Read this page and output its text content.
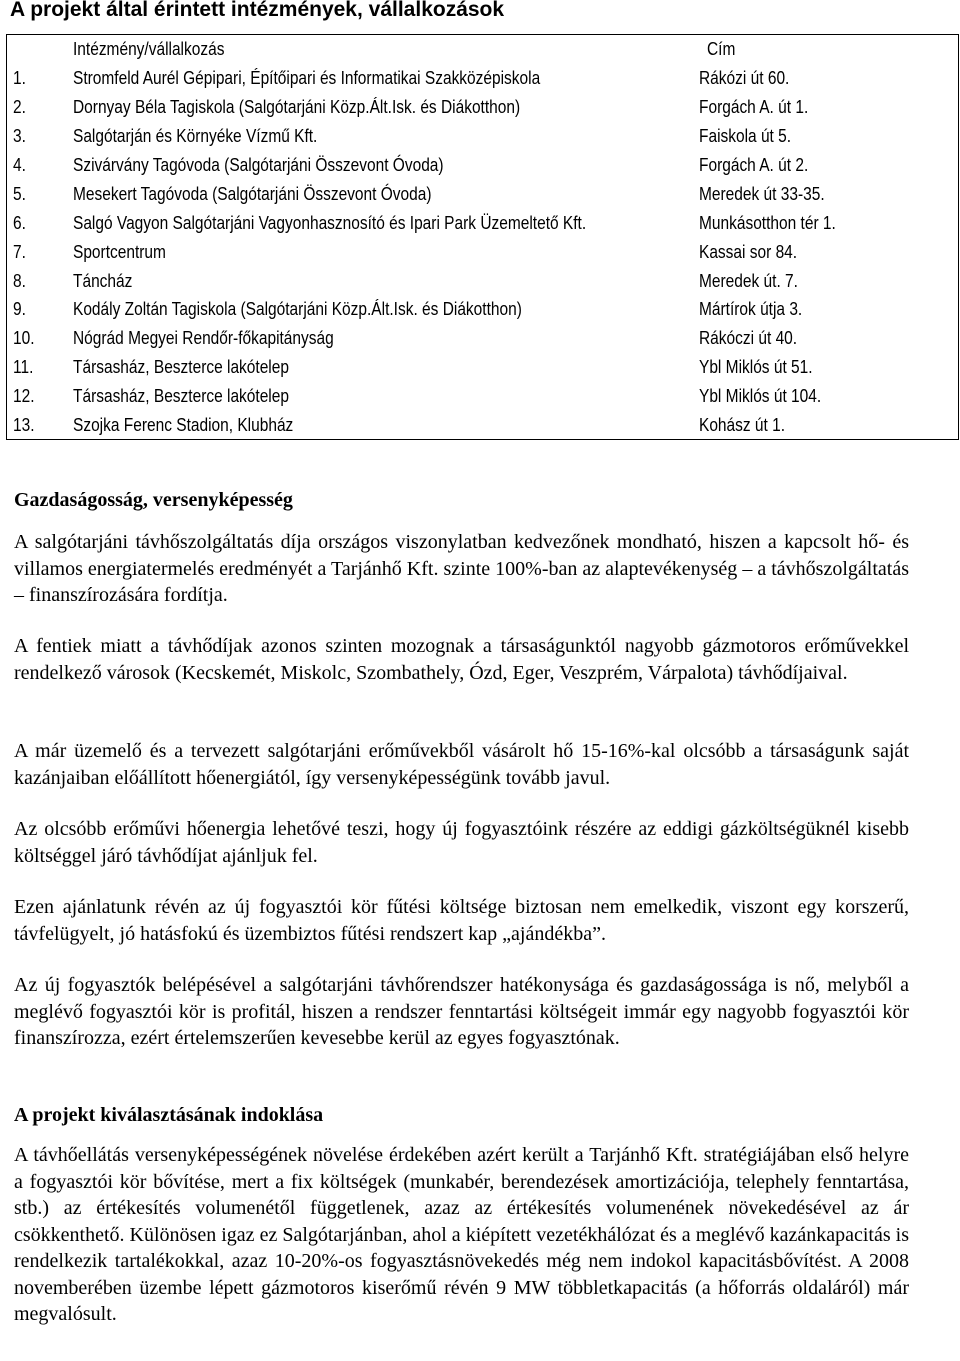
A projekt által érintett intézmények, vállalkozások
	Intézmény/vállalkozás	Cím
1.	Stromfeld Aurél Gépipari, Építőipari és Informatikai Szakközépiskola	Rákózi út 60.
2.	Dornyay Béla Tagiskola (Salgótarjáni Közp.Ált.Isk. és Diákotthon)	Forgách A. út 1.
3.	Salgótarján és Környéke Vízmű Kft.	Faiskola út 5.
4.	Szivárvány Tagóvoda (Salgótarjáni Összevont Óvoda)	Forgách A. út 2.
5.	Mesekert Tagóvoda (Salgótarjáni Összevont Óvoda)	Meredek út 33-35.
6.	Salgó Vagyon Salgótarjáni Vagyonhasznosító és Ipari Park Üzemeltető Kft.	Munkásotthon tér 1.
7.	Sportcentrum	Kassai sor 84.
8.	Táncház	Meredek út. 7.
9.	Kodály Zoltán Tagiskola (Salgótarjáni Közp.Ált.Isk. és Diákotthon)	Mártírok útja 3.
10.	Nógrád Megyei Rendőr-főkapitányság	Rákóczi út 40.
11.	Társasház, Beszterce lakótelep	Ybl Miklós út 51.
12.	Társasház, Beszterce lakótelep	Ybl Miklós út 104.
13.	Szojka Ferenc Stadion, Klubház	Kohász út 1.
Gazdaságosság, versenyképesség
A salgótarjáni távhőszolgáltatás díja országos viszonylatban kedvezőnek mondható, hiszen a kapcsolt hő- és villamos energiatermelés eredményét a Tarjánhő Kft. szinte 100%-ban az alaptevékenység – a távhőszolgáltatás – finanszírozására fordítja.
A fentiek miatt a távhődíjak azonos szinten mozognak a társaságunktól nagyobb gázmotoros erőművekkel rendelkező városok (Kecskemét, Miskolc, Szombathely, Ózd, Eger, Veszprém, Várpalota) távhődíjaival.
A már üzemelő és a tervezett salgótarjáni erőművekből vásárolt hő 15-16%-kal olcsóbb a társaságunk saját kazánjaiban előállított hőenergiától, így versenyképességünk tovább javul.
Az olcsóbb erőművi hőenergia lehetővé teszi, hogy új fogyasztóink részére az eddigi gázköltségüknél kisebb költséggel járó távhődíjat ajánljuk fel.
Ezen ajánlatunk révén az új fogyasztói kör fűtési költsége biztosan nem emelkedik, viszont egy korszerű, távfelügyelt, jó hatásfokú és üzembiztos fűtési rendszert kap „ajándékba”.
Az új fogyasztók belépésével a salgótarjáni távhőrendszer hatékonysága és gazdaságossága is nő, melyből a meglévő fogyasztói kör is profitál, hiszen a rendszer fenntartási költségeit immár egy nagyobb fogyasztói kör finanszírozza, ezért értelemszerűen kevesebbe kerül az egyes fogyasztónak.
A projekt kiválasztásának indoklása
A távhőellátás versenyképességének növelése érdekében azért került a Tarjánhő Kft. stratégiájában első helyre a fogyasztói kör bővítése, mert a fix költségek (munkabér, berendezések amortizációja, telephely fenntartása, stb.) az értékesítés volumenétől függetlenek, azaz az értékesítés volumenének növekedésével az ár csökkenthető. Különösen igaz ez Salgótarjánban, ahol a kiépített vezetékhálózat és a meglévő kazánkapacitás is rendelkezik tartalékokkal, azaz 10-20%-os fogyasztásnövekedés még nem indokol kapacitásbővítést. A 2008 novemberében üzembe lépett gázmotoros kiserőmű révén 9 MW többletkapacitás (a hőforrás oldaláról) már megvalósult.
